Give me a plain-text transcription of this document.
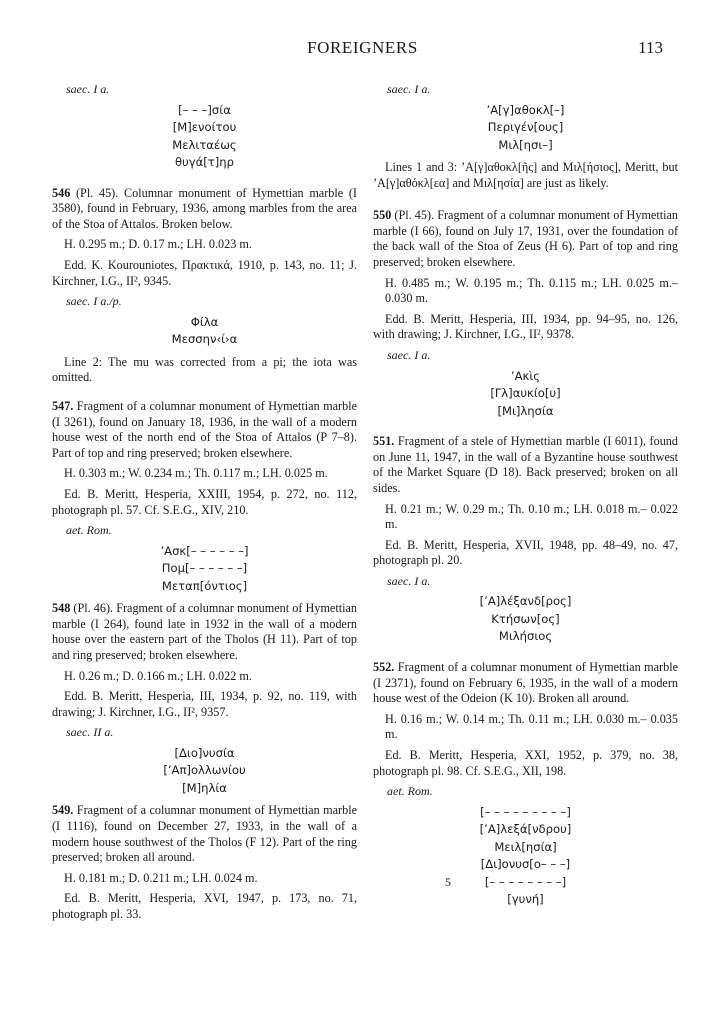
FOREIGNERS	113
saec. I a.
[– – –]σία
[Μ]ενοίτου
Μελιταέως
θυγά[τ]ηρ

546 (Pl. 45). Columnar monument of Hymettian marble (I 3580), found in February, 1936, among marbles from the area of the Stoa of Attalos. Broken below.

H. 0.295 m.; D. 0.17 m.; LH. 0.023 m.

Edd. K. Kourouniotes, Πρακτικά, 1910, p. 143, no. 11; J. Kirchner, I.G., II², 9345.

saec. I a./p.
Φίλα
Μεσσην‹ί›α

Line 2: The mu was corrected from a pi; the iota was omitted.

547. Fragment of a columnar monument of Hymettian marble (I 3261), found on January 18, 1936, in the wall of a modern house west of the north end of the Stoa of Attalos (P 7–8). Part of top and ring preserved; broken elsewhere.

H. 0.303 m.; W. 0.234 m.; Th. 0.117 m.; LH. 0.025 m.

Ed. B. Meritt, Hesperia, XXIII, 1954, p. 272, no. 112, photograph pl. 57. Cf. S.E.G., XIV, 210.

aet. Rom.
’Ασκ[– – – – – –]
Πομ[– – – – – –]
Μεταπ[όντιος]

548 (Pl. 46). Fragment of a columnar monument of Hymettian marble (I 264), found late in 1932 in the wall of a modern house over the eastern part of the Tholos (H 11). Part of top and ring preserved; broken elsewhere.

H. 0.26 m.; D. 0.166 m.; LH. 0.022 m.

Edd. B. Meritt, Hesperia, III, 1934, p. 92, no. 119, with drawing; J. Kirchner, I.G., II², 9357.

saec. II a.
[Διο]νυσία
[’Απ]ολλωνίου
[Μ]ηλία

549. Fragment of a columnar monument of Hymettian marble (I 1116), found on December 27, 1933, in the wall of a modern house southwest of the Tholos (F 12). Part of the ring preserved; broken all around.

H. 0.181 m.; D. 0.211 m.; LH. 0.024 m.

Ed. B. Meritt, Hesperia, XVI, 1947, p. 173, no. 71, photograph pl. 33.

saec. I a.
’Α[γ]αθοκλ[–]
Περιγέν[ους]
Μιλ[ησι–]

Lines 1 and 3: ’Α[γ]αθοκλ[ῆς] and Μιλ[ήσιος], Meritt, but ’Α[γ]αθόκλ[εα] and Μιλ[ησία] are just as likely.

550 (Pl. 45). Fragment of a columnar monument of Hymettian marble (I 66), found on July 17, 1931, over the foundation of the back wall of the Stoa of Zeus (H 6). Part of top and ring preserved; broken elsewhere.

H. 0.485 m.; W. 0.195 m.; Th. 0.115 m.; LH. 0.025 m.– 0.030 m.

Edd. B. Meritt, Hesperia, III, 1934, pp. 94–95, no. 126, with drawing; J. Kirchner, I.G., II², 9378.

saec. I a.
’Ακὶς
[Γλ]αυκίο[υ]
[Μι]λησία

551. Fragment of a stele of Hymettian marble (I 6011), found on June 11, 1947, in the wall of a Byzantine house southwest of the Market Square (D 18). Back preserved; broken on all sides.

H. 0.21 m.; W. 0.29 m.; Th. 0.10 m.; LH. 0.018 m.– 0.022 m.

Ed. B. Meritt, Hesperia, XVII, 1948, pp. 48–49, no. 47, photograph pl. 20.

saec. I a.
[’Α]λέξανδ[ρος]
Κτήσων[ος]
Μιλήσιος

552. Fragment of a columnar monument of Hymettian marble (I 2371), found on February 6, 1935, in the wall of a modern house west of the Odeion (K 10). Broken all around.

H. 0.16 m.; W. 0.14 m.; Th. 0.11 m.; LH. 0.030 m.– 0.035 m.

Ed. B. Meritt, Hesperia, XXI, 1952, p. 379, no. 38, photograph pl. 98. Cf. S.E.G., XII, 198.

aet. Rom.
[– – – – – – – – –]
[’Α]λεξά[νδρου]
Μειλ[ησία]
[Δι]ονυσ[ο– – –]
5	[– – – – – – – –]
[γυνή]
